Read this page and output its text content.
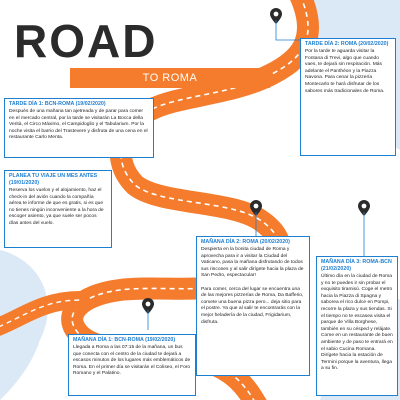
ROAD
TO ROMA
TARDE DÍA 2: ROMA (20/02/2020)
Por la tarde te aguarda visitar la Fontana di Trevi, algo que cuando vaes, te dejará sin respiración. Más adelante el Panthéon y la Piazza Navona. Para cenar la pizzería Montecarlo te hará disfrutar de los sabores más tradicionales de Roma.
TARDE DÍA 1: BCN-ROMA (19/02/2020)
Después de una mañana tan ajetreada y de parar para comer en el mercado central, por la tarde se visitarán La Bocca della Verità, el Circo Máximo, el Campidoglio y el Tabularium. Por la noche visita el barrio del Trastevere y disfruta de una cena en el restaurante Carlo Menta.
PLANEA TU VIAJE UN MES ANTES (19/01/2020)
Reserva los vuelos y el alojamiento, haz el check-in del avión cuando la compañía aérea te informe de que es gratis, si es que no tienes ningún inconveniente a la hora de escoger asiento, ya que suele ser pocos días antes del vuelo.
MAÑANA DÍA 2: ROMA (20/02/2020)
Despierta en la bonita ciudad de Roma y aprovecha para ir a visitar la Ciudad del Vaticano, pasa la mañana disfrutando de todos sus rincones y al salir dirígete hacia la plaza de San Pedro, espectacular!

Para comer, cerca del lugar se encuentra una de las mejores pizzerías de Roma, Da Bafferio, comete una buena pizza pero... deja sitio para el postre. Ya que al salir te encontrarás con la mejor heladería de la ciudad, Frigidarium, disfruta.
MAÑANA DÍA 3: ROMA-BCN (21/02/2020)
Último día en la ciudad de Roma y no te puedes ir sin probar el exquisito tiramisú. Coge el metro hacia la Piazza di Spagna y saborea el rico dulce en Pompi, recorre la plaza y sus tiendas. Si el tiempo no te escasea visita el parque de Villa Borghese, también en su césped y relájate. Come en un restaurante de buen ambiente y de paso te entrará en el sabio Cucina Romana. Dirígete hacia la estación de Termini porque la aventura, llega a su fin.
MAÑANA DÍA 1: BCN-ROMA (19/02/2020)
Llegada a Roma a las 07:15 de la mañana, un bus que conecta con el centro de la ciudad te dejará a escasos minutos de los lugares más emblemáticos de Roma. En el primer día se visitarán el Coliseo, el Foro Romano y el Palatino.
